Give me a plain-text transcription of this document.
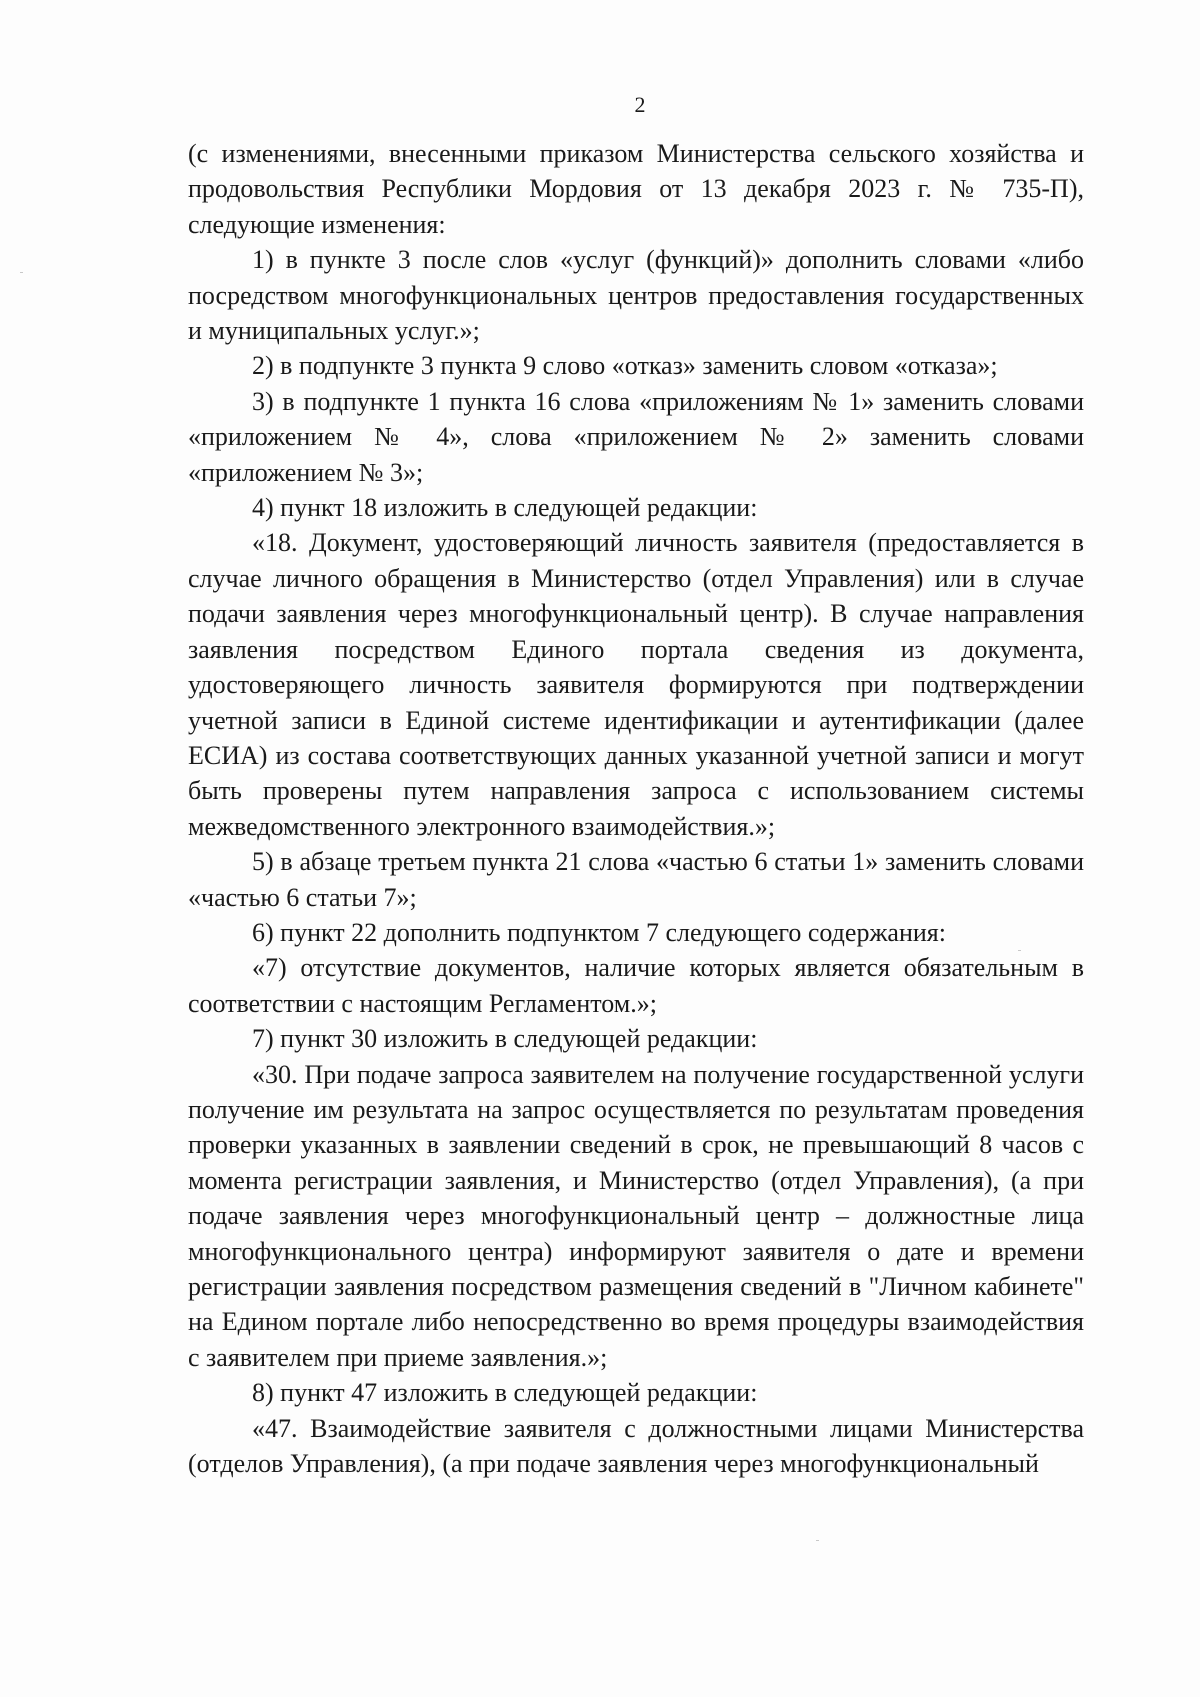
2

(с изменениями, внесенными приказом Министерства сельского хозяйства и продовольствия Республики Мордовия от 13 декабря 2023 г. № 735-П), следующие изменения:

1) в пункте 3 после слов «услуг (функций)» дополнить словами «либо посредством многофункциональных центров предоставления государственных и муниципальных услуг.»;

2) в подпункте 3 пункта 9 слово «отказ» заменить словом «отказа»;

3) в подпункте 1 пункта 16 слова «приложениям № 1» заменить словами «приложением № 4», слова «приложением № 2» заменить словами «приложением № 3»;

4) пункт 18 изложить в следующей редакции:

«18. Документ, удостоверяющий личность заявителя (предоставляется в случае личного обращения в Министерство (отдел Управления) или в случае подачи заявления через многофункциональный центр). В случае направления заявления посредством Единого портала сведения из документа, удостоверяющего личность заявителя формируются при подтверждении учетной записи в Единой системе идентификации и аутентификации (далее ЕСИА) из состава соответствующих данных указанной учетной записи и могут быть проверены путем направления запроса с использованием системы межведомственного электронного взаимодействия.»;

5) в абзаце третьем пункта 21 слова «частью 6 статьи 1» заменить словами «частью 6 статьи 7»;

6) пункт 22 дополнить подпунктом 7 следующего содержания:

«7) отсутствие документов, наличие которых является обязательным в соответствии с настоящим Регламентом.»;

7) пункт 30 изложить в следующей редакции:

«30. При подаче запроса заявителем на получение государственной услуги получение им результата на запрос осуществляется по результатам проведения проверки указанных в заявлении сведений в срок, не превышающий 8 часов с момента регистрации заявления, и Министерство (отдел Управления), (а при подаче заявления через многофункциональный центр – должностные лица многофункционального центра) информируют заявителя о дате и времени регистрации заявления посредством размещения сведений в "Личном кабинете" на Едином портале либо непосредственно во время процедуры взаимодействия с заявителем при приеме заявления.»;

8) пункт 47 изложить в следующей редакции:

«47. Взаимодействие заявителя с должностными лицами Министерства (отделов Управления), (а при подаче заявления через многофункциональный
